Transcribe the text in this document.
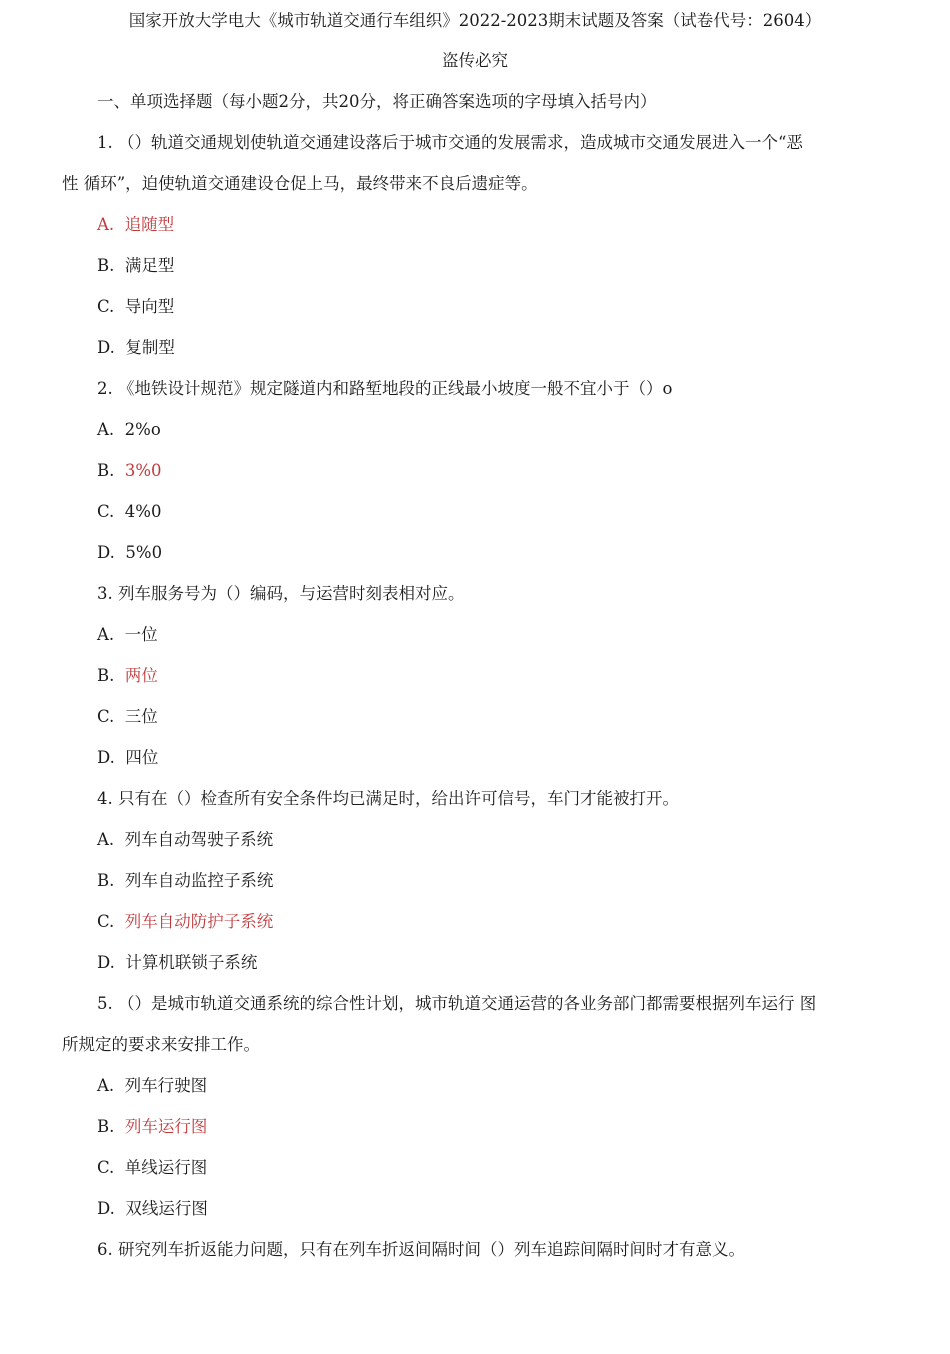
国家开放大学电大《城市轨道交通行车组织》2022-2023期末试题及答案（试卷代号：2604）
盗传必究
一、单项选择题（每小题2分，共20分，将正确答案选项的字母填入括号内）
1. （）轨道交通规划使轨道交通建设落后于城市交通的发展需求，造成城市交通发展进入一个“恶
性 循环”，迫使轨道交通建设仓促上马，最终带来不良后遗症等。
A. 追随型
B. 满足型
C. 导向型
D. 复制型
2. 《地铁设计规范》规定隧道内和路堑地段的正线最小坡度一般不宜小于（）o
A. 2%o
B. 3%0
C. 4%0
D. 5%0
3. 列车服务号为（）编码，与运营时刻表相对应。
A. 一位
B. 两位
C. 三位
D. 四位
4. 只有在（）检查所有安全条件均已满足时，给出许可信号，车门才能被打开。
A. 列车自动驾驶子系统
B. 列车自动监控子系统
C. 列车自动防护子系统
D. 计算机联锁子系统
5. （）是城市轨道交通系统的综合性计划，城市轨道交通运营的各业务部门都需要根据列车运行 图
所规定的要求来安排工作。
A. 列车行驶图
B. 列车运行图
C. 单线运行图
D. 双线运行图
6. 研究列车折返能力问题，只有在列车折返间隔时间（）列车追踪间隔时间时才有意义。
